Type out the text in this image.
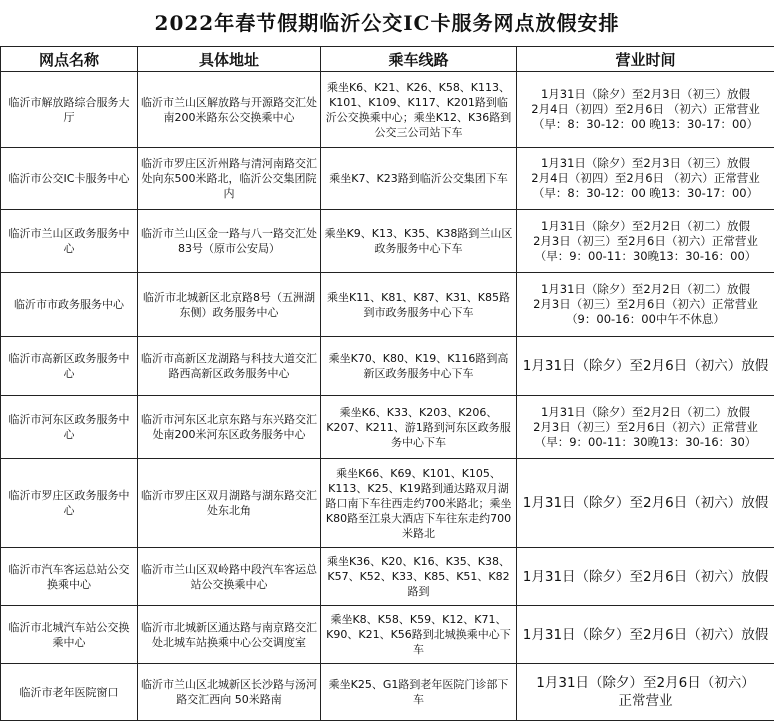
2022年春节假期临沂公交IC卡服务网点放假安排
网点名称	具体地址	乘车线路	营业时间
临沂市解放路综合服务大厅	临沂市兰山区解放路与开源路交汇处南200米路东公交换乘中心	乘坐K6、K21、K26、K58、K113、K101、K109、K117、K201路到临沂公交换乘中心；乘坐K12、K36路到公交三公司站下车	1月31日（除夕）至2月3日（初三）放假
2月4日（初四）至2月6日 （初六）正常营业
（早：8：30-12：00 晚13：30-17：00）

临沂市公交IC卡服务中心	临沂市罗庄区沂州路与清河南路交汇处向东500米路北，临沂公交集团院内	乘坐K7、K23路到临沂公交集团下车	1月31日（除夕）至2月3日（初三）放假
2月4日（初四）至2月6日 （初六）正常营业
（早：8：30-12：00 晚13：30-17：00）

临沂市兰山区政务服务中心	临沂市兰山区金一路与八一路交汇处83号（原市公安局）	乘坐K9、K13、K35、K38路到兰山区政务服务中心下车	1月31日（除夕）至2月2日（初二）放假
2月3日（初三）至2月6日（初六）正常营业
（早：9：00-11：30晚13：30-16：00）

临沂市市政务服务中心	临沂市北城新区北京路8号（五洲湖东侧）政务服务中心	乘坐K11、K81、K87、K31、K85路到市政务服务中心下车	1月31日（除夕）至2月2日（初二）放假
2月3日（初三）至2月6日（初六）正常营业
（9：00-16：00中午不休息）

临沂市高新区政务服务中心	临沂市高新区龙湖路与科技大道交汇路西高新区政务服务中心	乘坐K70、K80、K19、K116路到高新区政务服务中心下车	1月31日（除夕）至2月6日（初六）放假

临沂市河东区政务服务中心	临沂市河东区北京东路与东兴路交汇处南200米河东区政务服务中心	乘坐K6、K33、K203、K206、K207、K211、游1路到河东区政务服务中心下车	1月31日（除夕）至2月2日（初二）放假
2月3日（初三）至2月6日（初六）正常营业
（早：9：00-11：30晚13：30-16：30）

临沂市罗庄区政务服务中心	临沂市罗庄区双月湖路与湖东路交汇处东北角	乘坐K66、K69、K101、K105、K113、K25、K19路到通达路双月湖路口南下车往西走约700米路北；乘坐K80路至江泉大酒店下车往东走约700米路北	1月31日（除夕）至2月6日（初六）放假

临沂市汽车客运总站公交换乘中心	临沂市兰山区双岭路中段汽车客运总站公交换乘中心	乘坐K36、K20、K16、K35、K38、K57、K52、K33、K85、K51、K82路到	1月31日（除夕）至2月6日（初六）放假

临沂市北城汽车站公交换乘中心	临沂市北城新区通达路与南京路交汇处北城车站换乘中心公交调度室	乘坐K8、K58、K59、K12、K71、K90、K21、K56路到北城换乘中心下车	1月31日（除夕）至2月6日（初六）放假

临沂市老年医院窗口	临沂市兰山区北城新区长沙路与汤河路交汇西向 50米路南	乘坐K25、G1路到老年医院门诊部下车	1月31日（除夕）至2月6日（初六）
正常营业
